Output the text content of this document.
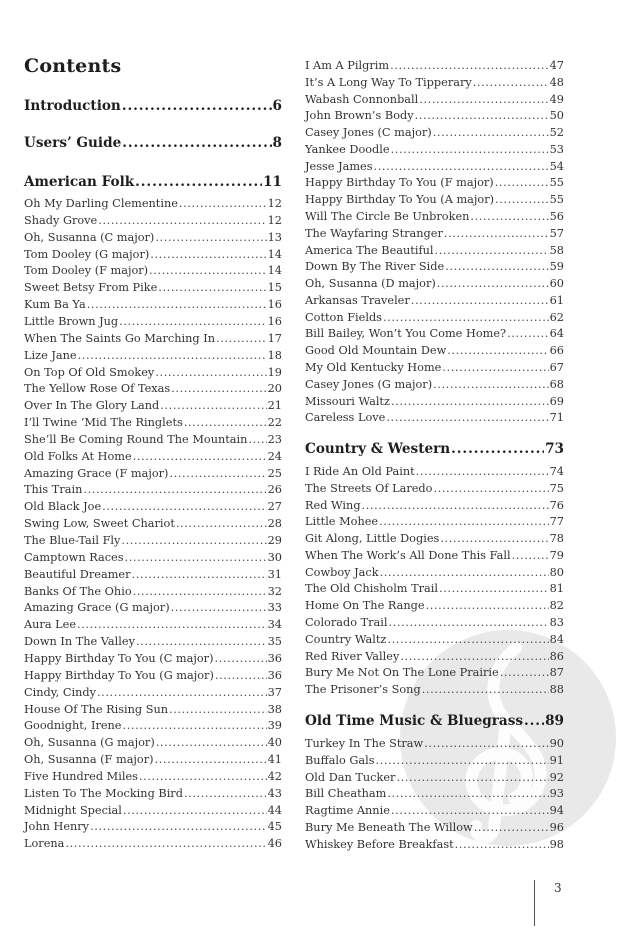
Contents
Introduction .....	6
Users’ Guide .....	8
American Folk .....	11
Oh My Darling Clementine .....	12
Shady Grove .....	12
Oh, Susanna (C major) .....	13
Tom Dooley (G major) .....	14
Tom Dooley (F major) .....	14
Sweet Betsy From Pike .....	15
Kum Ba Ya .....	16
Little Brown Jug .....	16
When The Saints Go Marching In .....	17
Lize Jane .....	18
On Top Of Old Smokey .....	19
The Yellow Rose Of Texas .....	20
Over In The Glory Land .....	21
I’ll Twine ’Mid The Ringlets .....	22
She’ll Be Coming Round The Mountain ..... 23
Old Folks At Home .....	24
Amazing Grace (F major) .....	25
This Train .....	26
Old Black Joe .....	27
Swing Low, Sweet Chariot .....	28
The Blue-Tail Fly .....	29
Camptown Races .....	30
Beautiful Dreamer .....	31
Banks Of The Ohio .....	32
Amazing Grace (G major) .....	33
Aura Lee .....	34
Down In The Valley .....	35
Happy Birthday To You (C major) .....	36
Happy Birthday To You (G major) .....	36
Cindy, Cindy .....	37
House Of The Rising Sun .....	38
Goodnight, Irene .....	39
Oh, Susanna (G major) .....	40
Oh, Susanna (F major) .....	41
Five Hundred Miles .....	42
Listen To The Mocking Bird .....	43
Midnight Special .....	44
John Henry .....	45
Lorena .....	46
I Am A Pilgrim .....	47
It’s A Long Way To Tipperary .....	48
Wabash Connonball .....	49
John Brown’s Body .....	50
Casey Jones (C major) .....	52
Yankee Doodle .....	53
Jesse James .....	54
Happy Birthday To You (F major) .....	55
Happy Birthday To You (A major) .....	55
Will The Circle Be Unbroken .....	56
The Wayfaring Stranger .....	57
America The Beautiful .....	58
Down By The River Side .....	59
Oh, Susanna (D major) .....	60
Arkansas Traveler .....	61
Cotton Fields .....	62
Bill Bailey, Won’t You Come Home? .....	64
Good Old Mountain Dew .....	66
My Old Kentucky Home .....	67
Casey Jones (G major) .....	68
Missouri Waltz .....	69
Careless Love .....	71
Country & Western .....	73
I Ride An Old Paint .....	74
The Streets Of Laredo .....	75
Red Wing .....	76
Little Mohee .....	77
Git Along, Little Dogies .....	78
When The Work’s All Done This Fall .....	79
Cowboy Jack .....	80
The Old Chisholm Trail .....	81
Home On The Range .....	82
Colorado Trail .....	83
Country Waltz .....	84
Red River Valley .....	86
Bury Me Not On The Lone Prairie .....	87
The Prisoner’s Song .....	88
Old Time Music & Bluegrass ..... 89
Turkey In The Straw .....	90
Buffalo Gals .....	91
Old Dan Tucker .....	92
Bill Cheatham .....	93
Ragtime Annie .....	94
Bury Me Beneath The Willow .....	96
Whiskey Before Breakfast .....	98
3
